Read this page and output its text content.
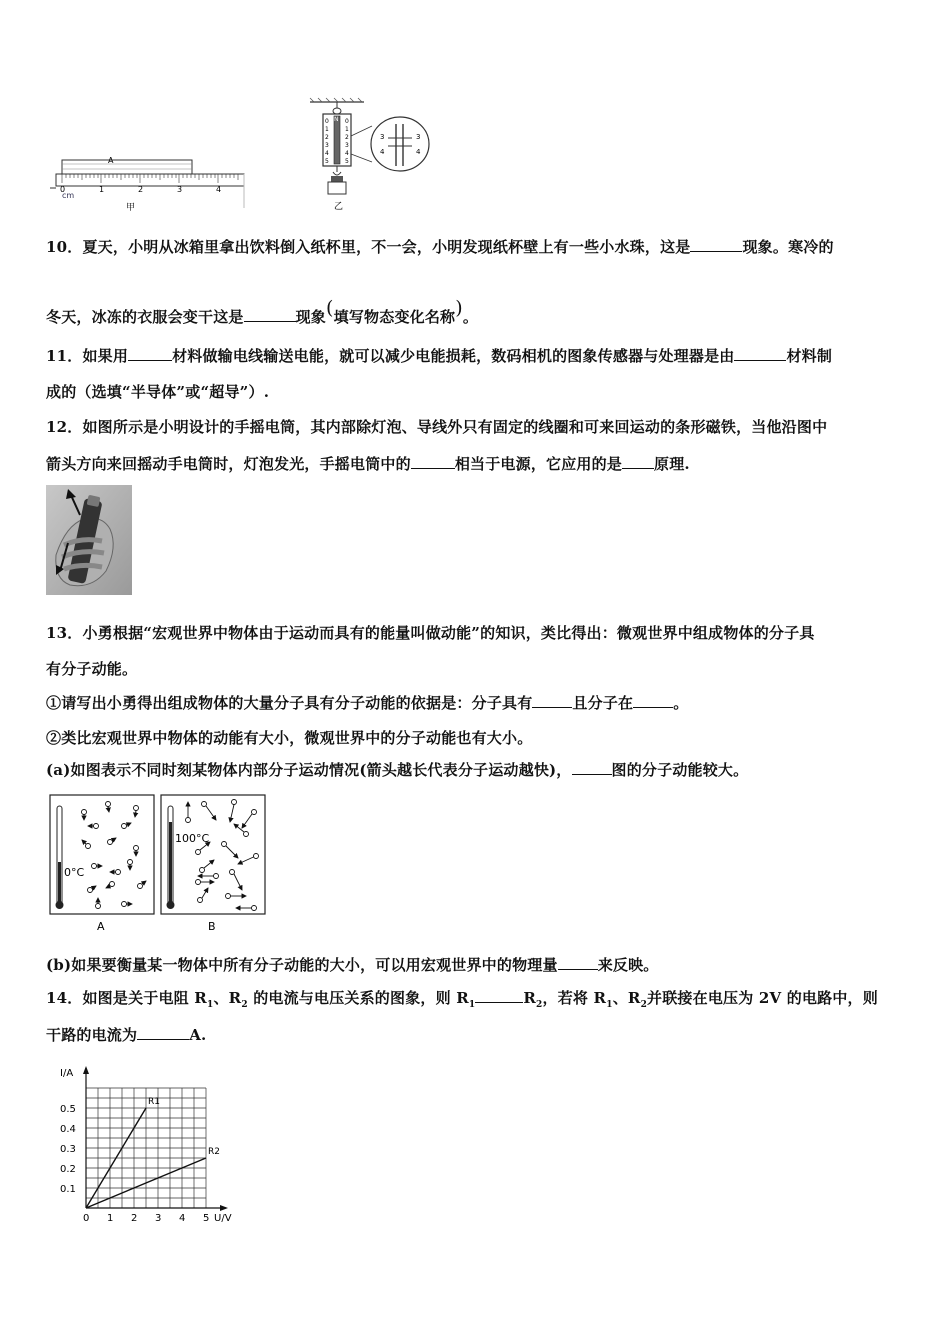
A
0	1	2	3	4
cm
甲
N
0
1
2
3
4
5
0
1
2
3
4
5
3
4
3
4
乙
10．夏天，小明从冰箱里拿出饮料倒入纸杯里，不一会，小明发现纸杯壁上有一些小水珠，这是	现象。寒冷的
冬天，冰冻的衣服会变干这是	现象(填写物态变化名称)。
11．如果用	材料做输电线输送电能，就可以减少电能损耗，数码相机的图象传感器与处理器是由	材料制
成的（选填“半导体”或“超导”）.
12．如图所示是小明设计的手摇电筒，其内部除灯泡、导线外只有固定的线圈和可来回运动的条形磁铁，当他沿图中
箭头方向来回摇动手电筒时，灯泡发光，手摇电筒中的	相当于电源，它应用的是 原理.
13．小勇根据“宏观世界中物体由于运动而具有的能量叫做动能”的知识，类比得出：微观世界中组成物体的分子具
有分子动能。
①请写出小勇得出组成物体的大量分子具有分子动能的依据是：分子具有	且分子在	。
②类比宏观世界中物体的动能有大小，微观世界中的分子动能也有大小。
(a)如图表示不同时刻某物体内部分子运动情况(箭头越长代表分子运动越快)，	图的分子动能较大。
0°C
A
100°C
B
(b)如果要衡量某一物体中所有分子动能的大小，可以用宏观世界中的物理量	来反映。
14．如图是关于电阻 $R_1$、$R_2$ 的电流与电压关系的图象，则 $R_1$	$R_2$，若将 $R_1$、$R_2$并联接在电压为 2V 的电路中，则
干路的电流为	A.
0 1 2 3 4 5
0.1
0.2
0.3
0.4
0.5
I/A
U/V
R1
R2
